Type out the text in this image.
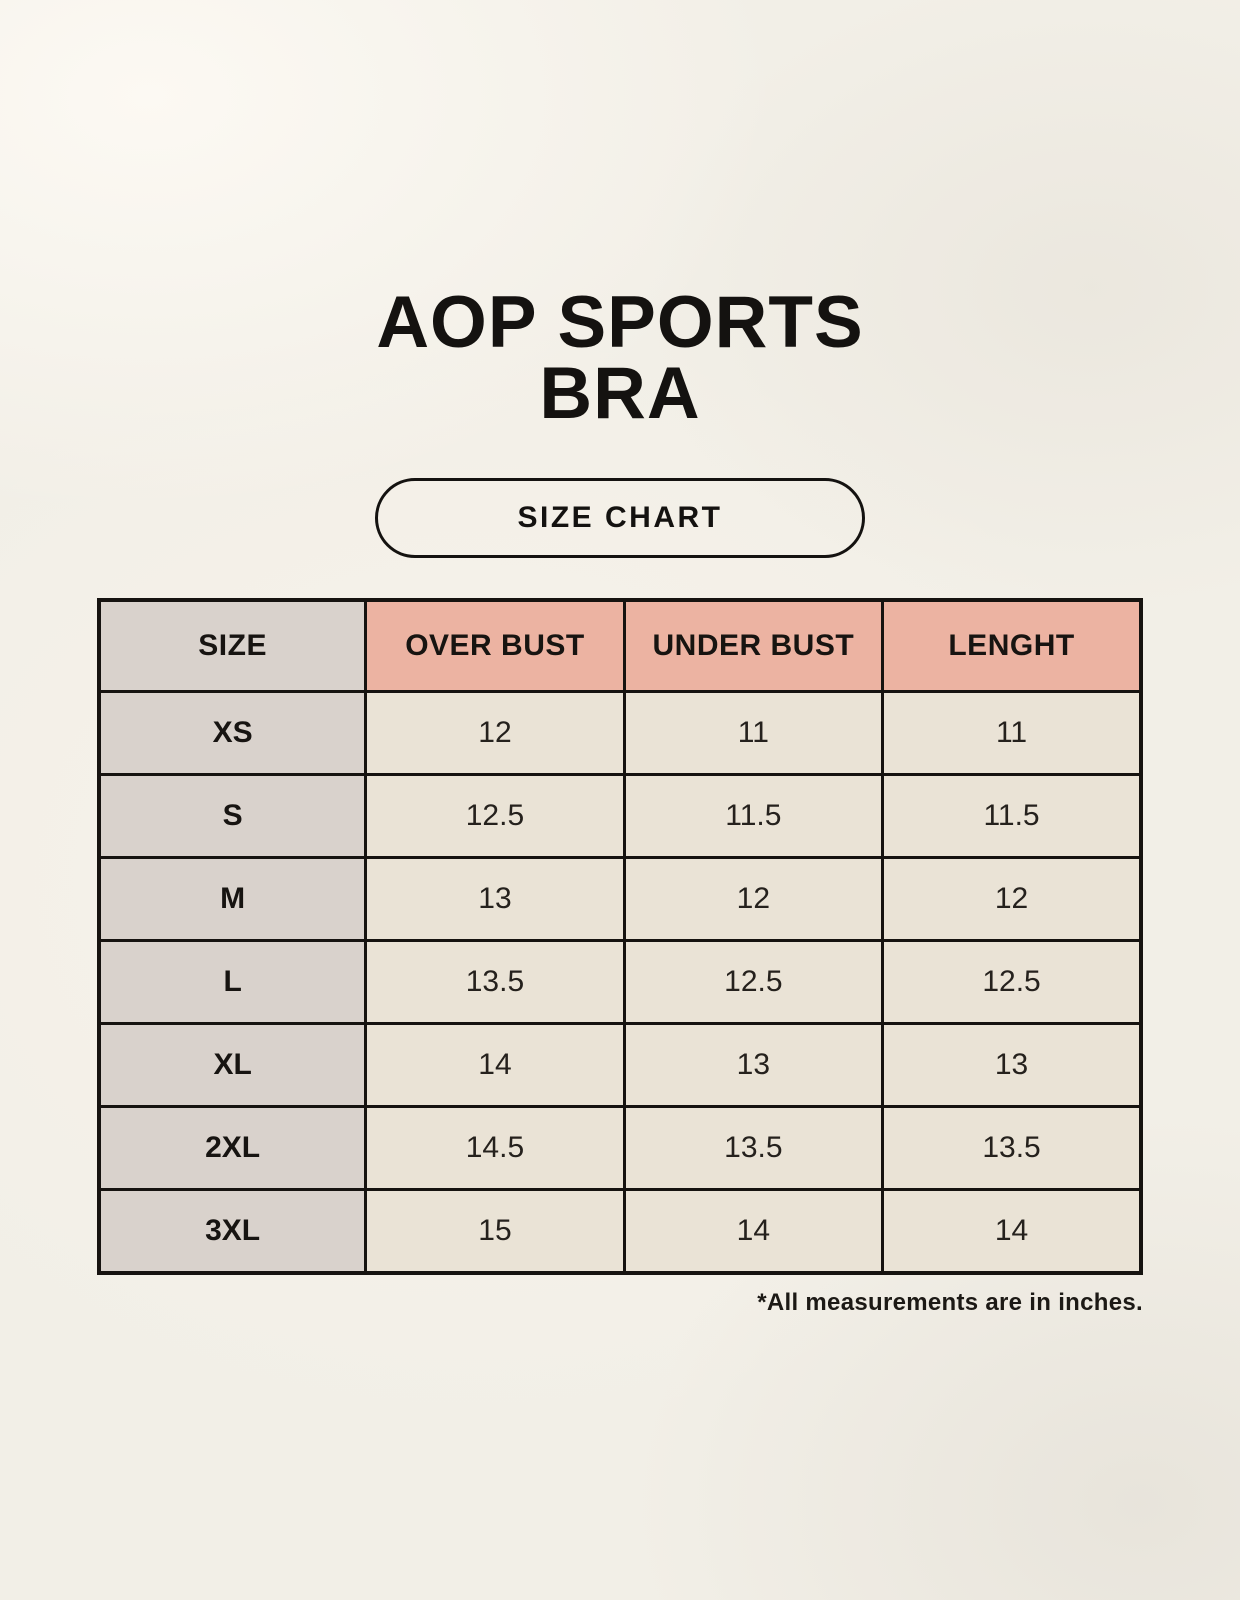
AOP SPORTS
BRA
SIZE CHART
SIZE	OVER BUST	UNDER BUST	LENGHT
XS	12	11	11
S	12.5	11.5	11.5
M	13	12	12
L	13.5	12.5	12.5
XL	14	13	13
2XL	14.5	13.5	13.5
3XL	15	14	14
*All measurements are in inches.
